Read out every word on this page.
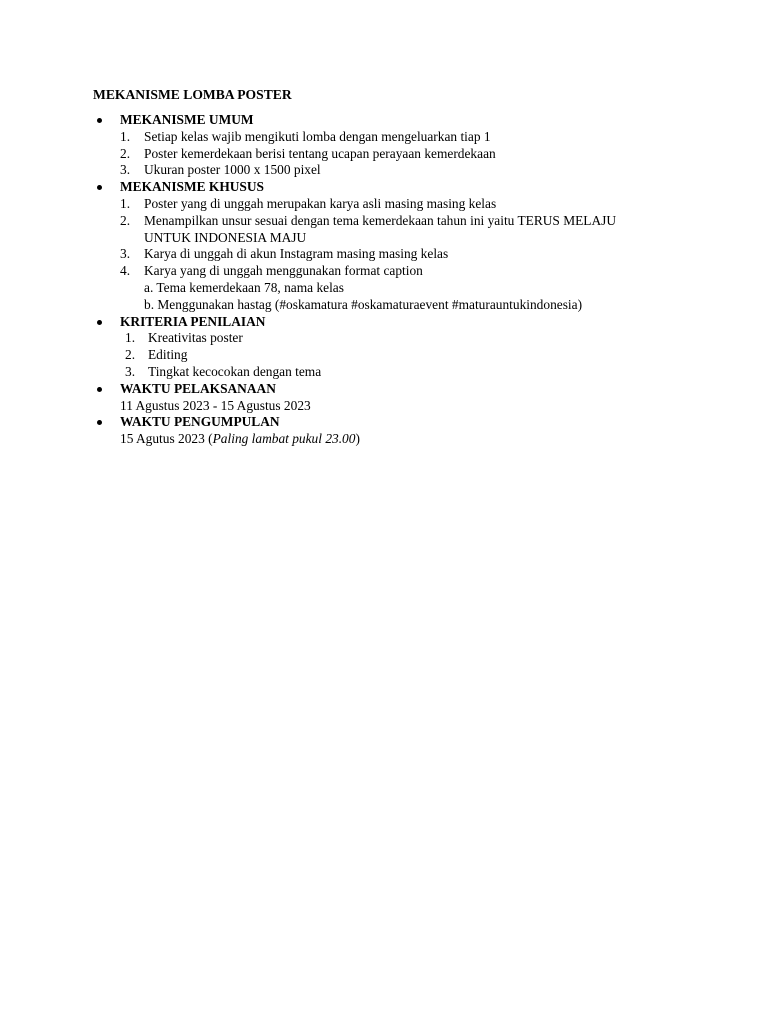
MEKANISME LOMBA POSTER
MEKANISME UMUM
1. Setiap kelas wajib mengikuti lomba dengan mengeluarkan tiap 1
2. Poster kemerdekaan berisi tentang ucapan perayaan kemerdekaan
3. Ukuran poster 1000 x 1500 pixel
MEKANISME KHUSUS
1. Poster yang di unggah merupakan karya asli masing masing kelas
2. Menampilkan unsur sesuai dengan tema kemerdekaan tahun ini yaitu TERUS MELAJU UNTUK INDONESIA MAJU
3. Karya di unggah di akun Instagram masing masing kelas
4. Karya yang di unggah menggunakan format caption
a. Tema kemerdekaan 78, nama kelas
b. Menggunakan hastag (#oskamatura #oskamaturaevent #maturauntukindonesia)
KRITERIA PENILAIAN
1. Kreativitas poster
2. Editing
3. Tingkat kecocokan dengan tema
WAKTU PELAKSANAAN
11 Agustus 2023 - 15 Agustus 2023
WAKTU PENGUMPULAN
15 Agutus 2023 (Paling lambat pukul 23.00)
